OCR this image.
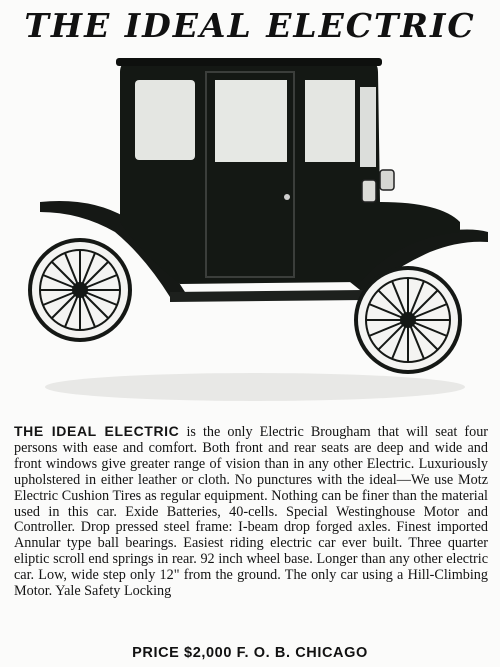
THE IDEAL ELECTRIC

THE IDEAL ELECTRIC is the only Electric Brougham that will seat four persons with ease and comfort. Both front and rear seats are deep and wide and front windows give greater range of vision than in any other Electric. Luxuriously upholstered in either leather or cloth. No punctures with the ideal—We use Motz Electric Cushion Tires as regular equipment. Nothing can be finer than the material used in this car. Exide Batteries, 40-cells. Special Westinghouse Motor and Controller. Drop pressed steel frame: I-beam drop forged axles. Finest imported Annular type ball bearings. Easiest riding electric car ever built. Three quarter eliptic scroll end springs in rear. 92 inch wheel base. Longer than any other electric car. Low, wide step only 12" from the ground. The only car using a Hill-Climbing Motor. Yale Safety Locking

PRICE $2,000 F. O. B. CHICAGO
